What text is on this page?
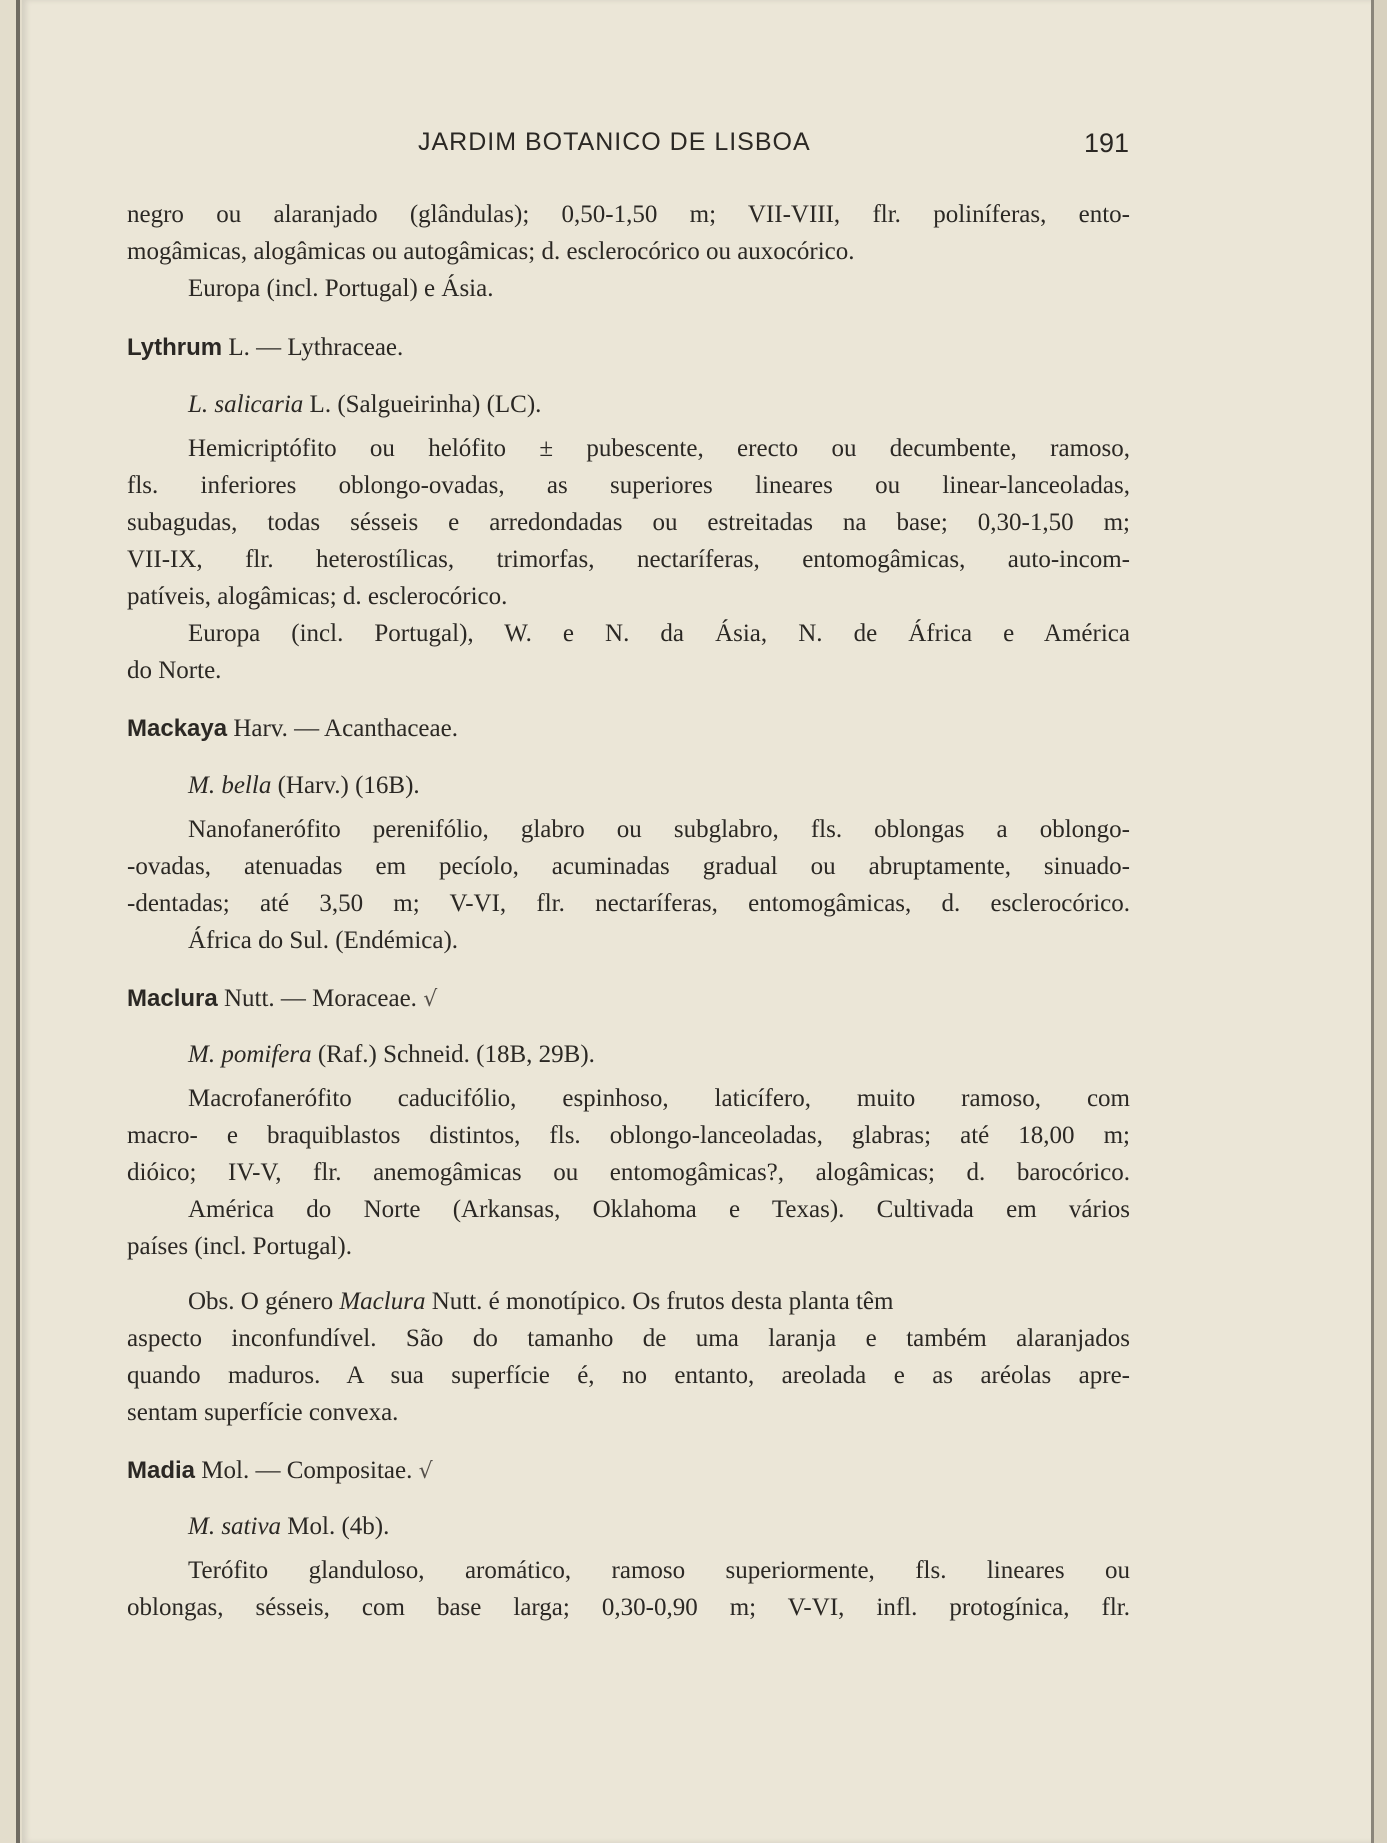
JARDIM BOTANICO DE LISBOA	191
negro ou alaranjado (glândulas); 0,50-1,50 m; VII-VIII, flr. poliníferas, ento-
mogâmicas, alogâmicas ou autogâmicas; d. esclerocórico ou auxocórico.
Europa (incl. Portugal) e Ásia.
Lythrum L. — Lythraceae.
L. salicaria L. (Salgueirinha) (LC).
Hemicriptófito ou helófito ± pubescente, erecto ou decumbente, ramoso,
fls. inferiores oblongo-ovadas, as superiores lineares ou linear-lanceoladas,
subagudas, todas sésseis e arredondadas ou estreitadas na base; 0,30-1,50 m;
VII-IX, flr. heterostílicas, trimorfas, nectaríferas, entomogâmicas, auto-incom-
patíveis, alogâmicas; d. esclerocórico.
Europa (incl. Portugal), W. e N. da Ásia, N. de África e América
do Norte.
Mackaya Harv. — Acanthaceae.
M. bella (Harv.) (16B).
Nanofanerófito perenifólio, glabro ou subglabro, fls. oblongas a oblongo-
-ovadas, atenuadas em pecíolo, acuminadas gradual ou abruptamente, sinuado-
-dentadas; até 3,50 m; V-VI, flr. nectaríferas, entomogâmicas, d. esclerocórico.
África do Sul. (Endémica).
Maclura Nutt. — Moraceae. √
M. pomifera (Raf.) Schneid. (18B, 29B).
Macrofanerófito caducifólio, espinhoso, laticífero, muito ramoso, com
macro- e braquiblastos distintos, fls. oblongo-lanceoladas, glabras; até 18,00 m;
dióico; IV-V, flr. anemogâmicas ou entomogâmicas?, alogâmicas; d. barocórico.
América do Norte (Arkansas, Oklahoma e Texas). Cultivada em vários
países (incl. Portugal).
Obs. O género Maclura Nutt. é monotípico. Os frutos desta planta têm
aspecto inconfundível. São do tamanho de uma laranja e também alaranjados
quando maduros. A sua superfície é, no entanto, areolada e as aréolas apre-
sentam superfície convexa.
Madia Mol. — Compositae. √
M. sativa Mol. (4b).
Terófito glanduloso, aromático, ramoso superiormente, fls. lineares ou
oblongas, sésseis, com base larga; 0,30-0,90 m; V-VI, infl. protogínica, flr.
